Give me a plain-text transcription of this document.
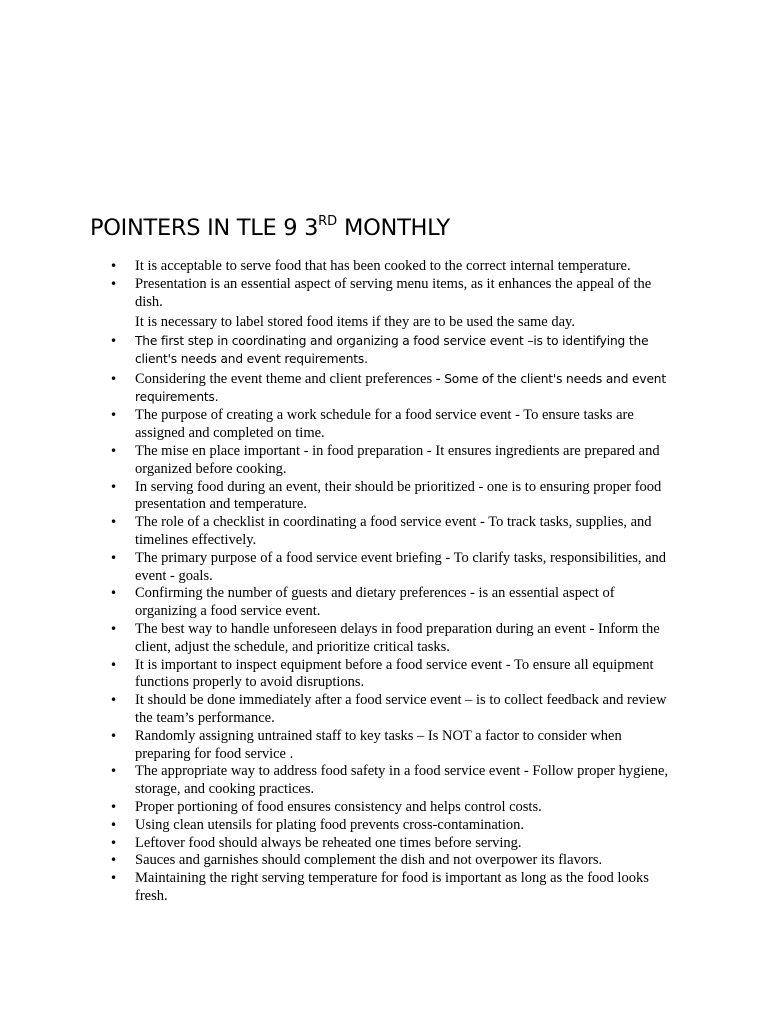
POINTERS IN TLE 9 3RD MONTHLY
• It is acceptable to serve food that has been cooked to the correct internal temperature.
• Presentation is an essential aspect of serving menu items, as it enhances the appeal of the dish.
It is necessary to label stored food items if they are to be used the same day.
• The first step in coordinating and organizing a food service event –is to identifying the client's needs and event requirements.
• Considering the event theme and client preferences - Some of the client's needs and event requirements.
• The purpose of creating a work schedule for a food service event - To ensure tasks are assigned and completed on time.
• The mise en place important - in food preparation - It ensures ingredients are prepared and organized before cooking.
• In serving food during an event, their should be prioritized - one is to ensuring proper food presentation and temperature.
• The role of a checklist in coordinating a food service event - To track tasks, supplies, and timelines effectively.
• The primary purpose of a food service event briefing - To clarify tasks, responsibilities, and event - goals.
• Confirming the number of guests and dietary preferences - is an essential aspect of organizing a food service event.
• The best way to handle unforeseen delays in food preparation during an event - Inform the client, adjust the schedule, and prioritize critical tasks.
• It is important to inspect equipment before a food service event - To ensure all equipment functions properly to avoid disruptions.
• It should be done immediately after a food service event – is to collect feedback and review the team’s performance.
• Randomly assigning untrained staff to key tasks – Is NOT a factor to consider when preparing for food service .
• The appropriate way to address food safety in a food service event - Follow proper hygiene, storage, and cooking practices.
• Proper portioning of food ensures consistency and helps control costs.
• Using clean utensils for plating food prevents cross-contamination.
• Leftover food should always be reheated one times before serving.
• Sauces and garnishes should complement the dish and not overpower its flavors.
• Maintaining the right serving temperature for food is important as long as the food looks fresh.
